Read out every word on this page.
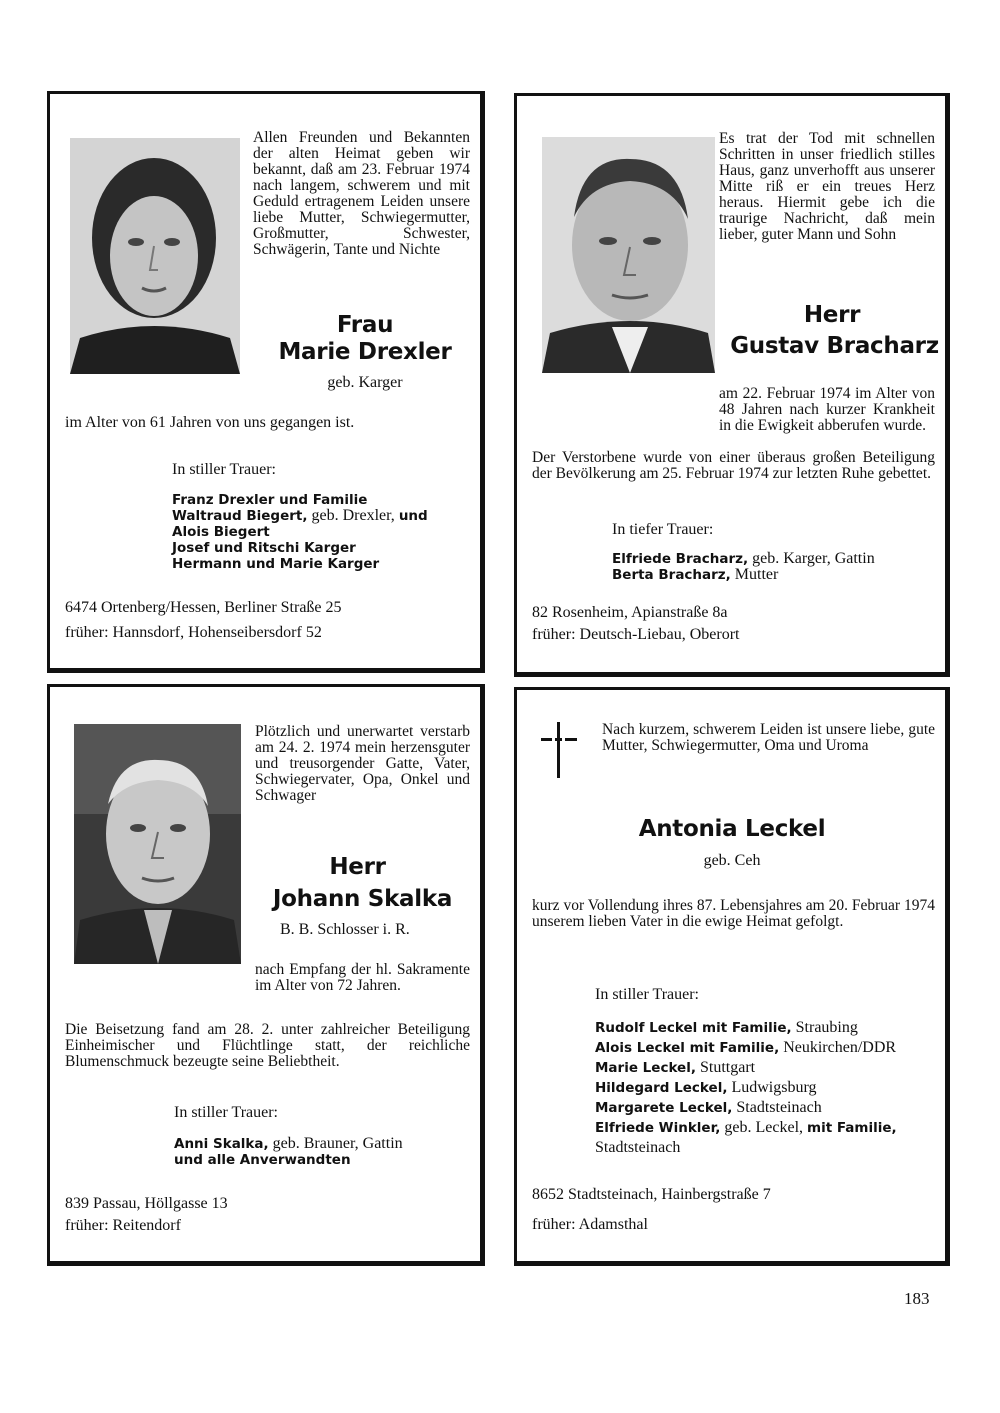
Allen Freunden und Bekannten der alten Heimat geben wir bekannt, daß am 23. Februar 1974 nach langem, schwerem und mit Geduld ertragenem Leiden unsere liebe Mutter, Schwiegermutter, Großmutter, Schwester, Schwägerin, Tante und Nichte
Frau
Marie Drexler
geb. Karger
im Alter von 61 Jahren von uns gegangen ist.
In stiller Trauer:
Franz Drexler und Familie
Waltraud Biegert, geb. Drexler, und
Alois Biegert
Josef und Ritschi Karger
Hermann und Marie Karger
6474 Ortenberg/Hessen, Berliner Straße 25
früher: Hannsdorf, Hohenseibersdorf 52
Es trat der Tod mit schnellen Schritten in unser friedlich stilles Haus, ganz unverhofft aus unserer Mitte riß er ein treues Herz heraus. Hiermit gebe ich die traurige Nachricht, daß mein lieber, guter Mann und Sohn
Herr
Gustav Bracharz
am 22. Februar 1974 im Alter von 48 Jahren nach kurzer Krankheit in die Ewigkeit abberufen wurde.
Der Verstorbene wurde von einer überaus großen Beteiligung der Bevölkerung am 25. Februar 1974 zur letzten Ruhe gebettet.
In tiefer Trauer:
Elfriede Bracharz, geb. Karger, Gattin
Berta Bracharz, Mutter
82 Rosenheim, Apianstraße 8a
früher: Deutsch-Liebau, Oberort
Plötzlich und unerwartet verstarb am 24. 2. 1974 mein herzensguter und treusorgender Gatte, Vater, Schwiegervater, Opa, Onkel und Schwager
Herr
Johann Skalka
B. B. Schlosser i. R.
nach Empfang der hl. Sakramente im Alter von 72 Jahren.
Die Beisetzung fand am 28. 2. unter zahlreicher Beteiligung Einheimischer und Flüchtlinge statt, der reichliche Blumenschmuck bezeugte seine Beliebtheit.
In stiller Trauer:
Anni Skalka, geb. Brauner, Gattin
und alle Anverwandten
839 Passau, Höllgasse 13
früher: Reitendorf
Nach kurzem, schwerem Leiden ist unsere liebe, gute Mutter, Schwiegermutter, Oma und Uroma
Antonia Leckel
geb. Ceh
kurz vor Vollendung ihres 87. Lebensjahres am 20. Februar 1974 unserem lieben Vater in die ewige Heimat gefolgt.
In stiller Trauer:
Rudolf Leckel mit Familie, Straubing
Alois Leckel mit Familie, Neukirchen/DDR
Marie Leckel, Stuttgart
Hildegard Leckel, Ludwigsburg
Margarete Leckel, Stadtsteinach
Elfriede Winkler, geb. Leckel, mit Familie,
Stadtsteinach
8652 Stadtsteinach, Hainbergstraße 7
früher: Adamsthal
183
